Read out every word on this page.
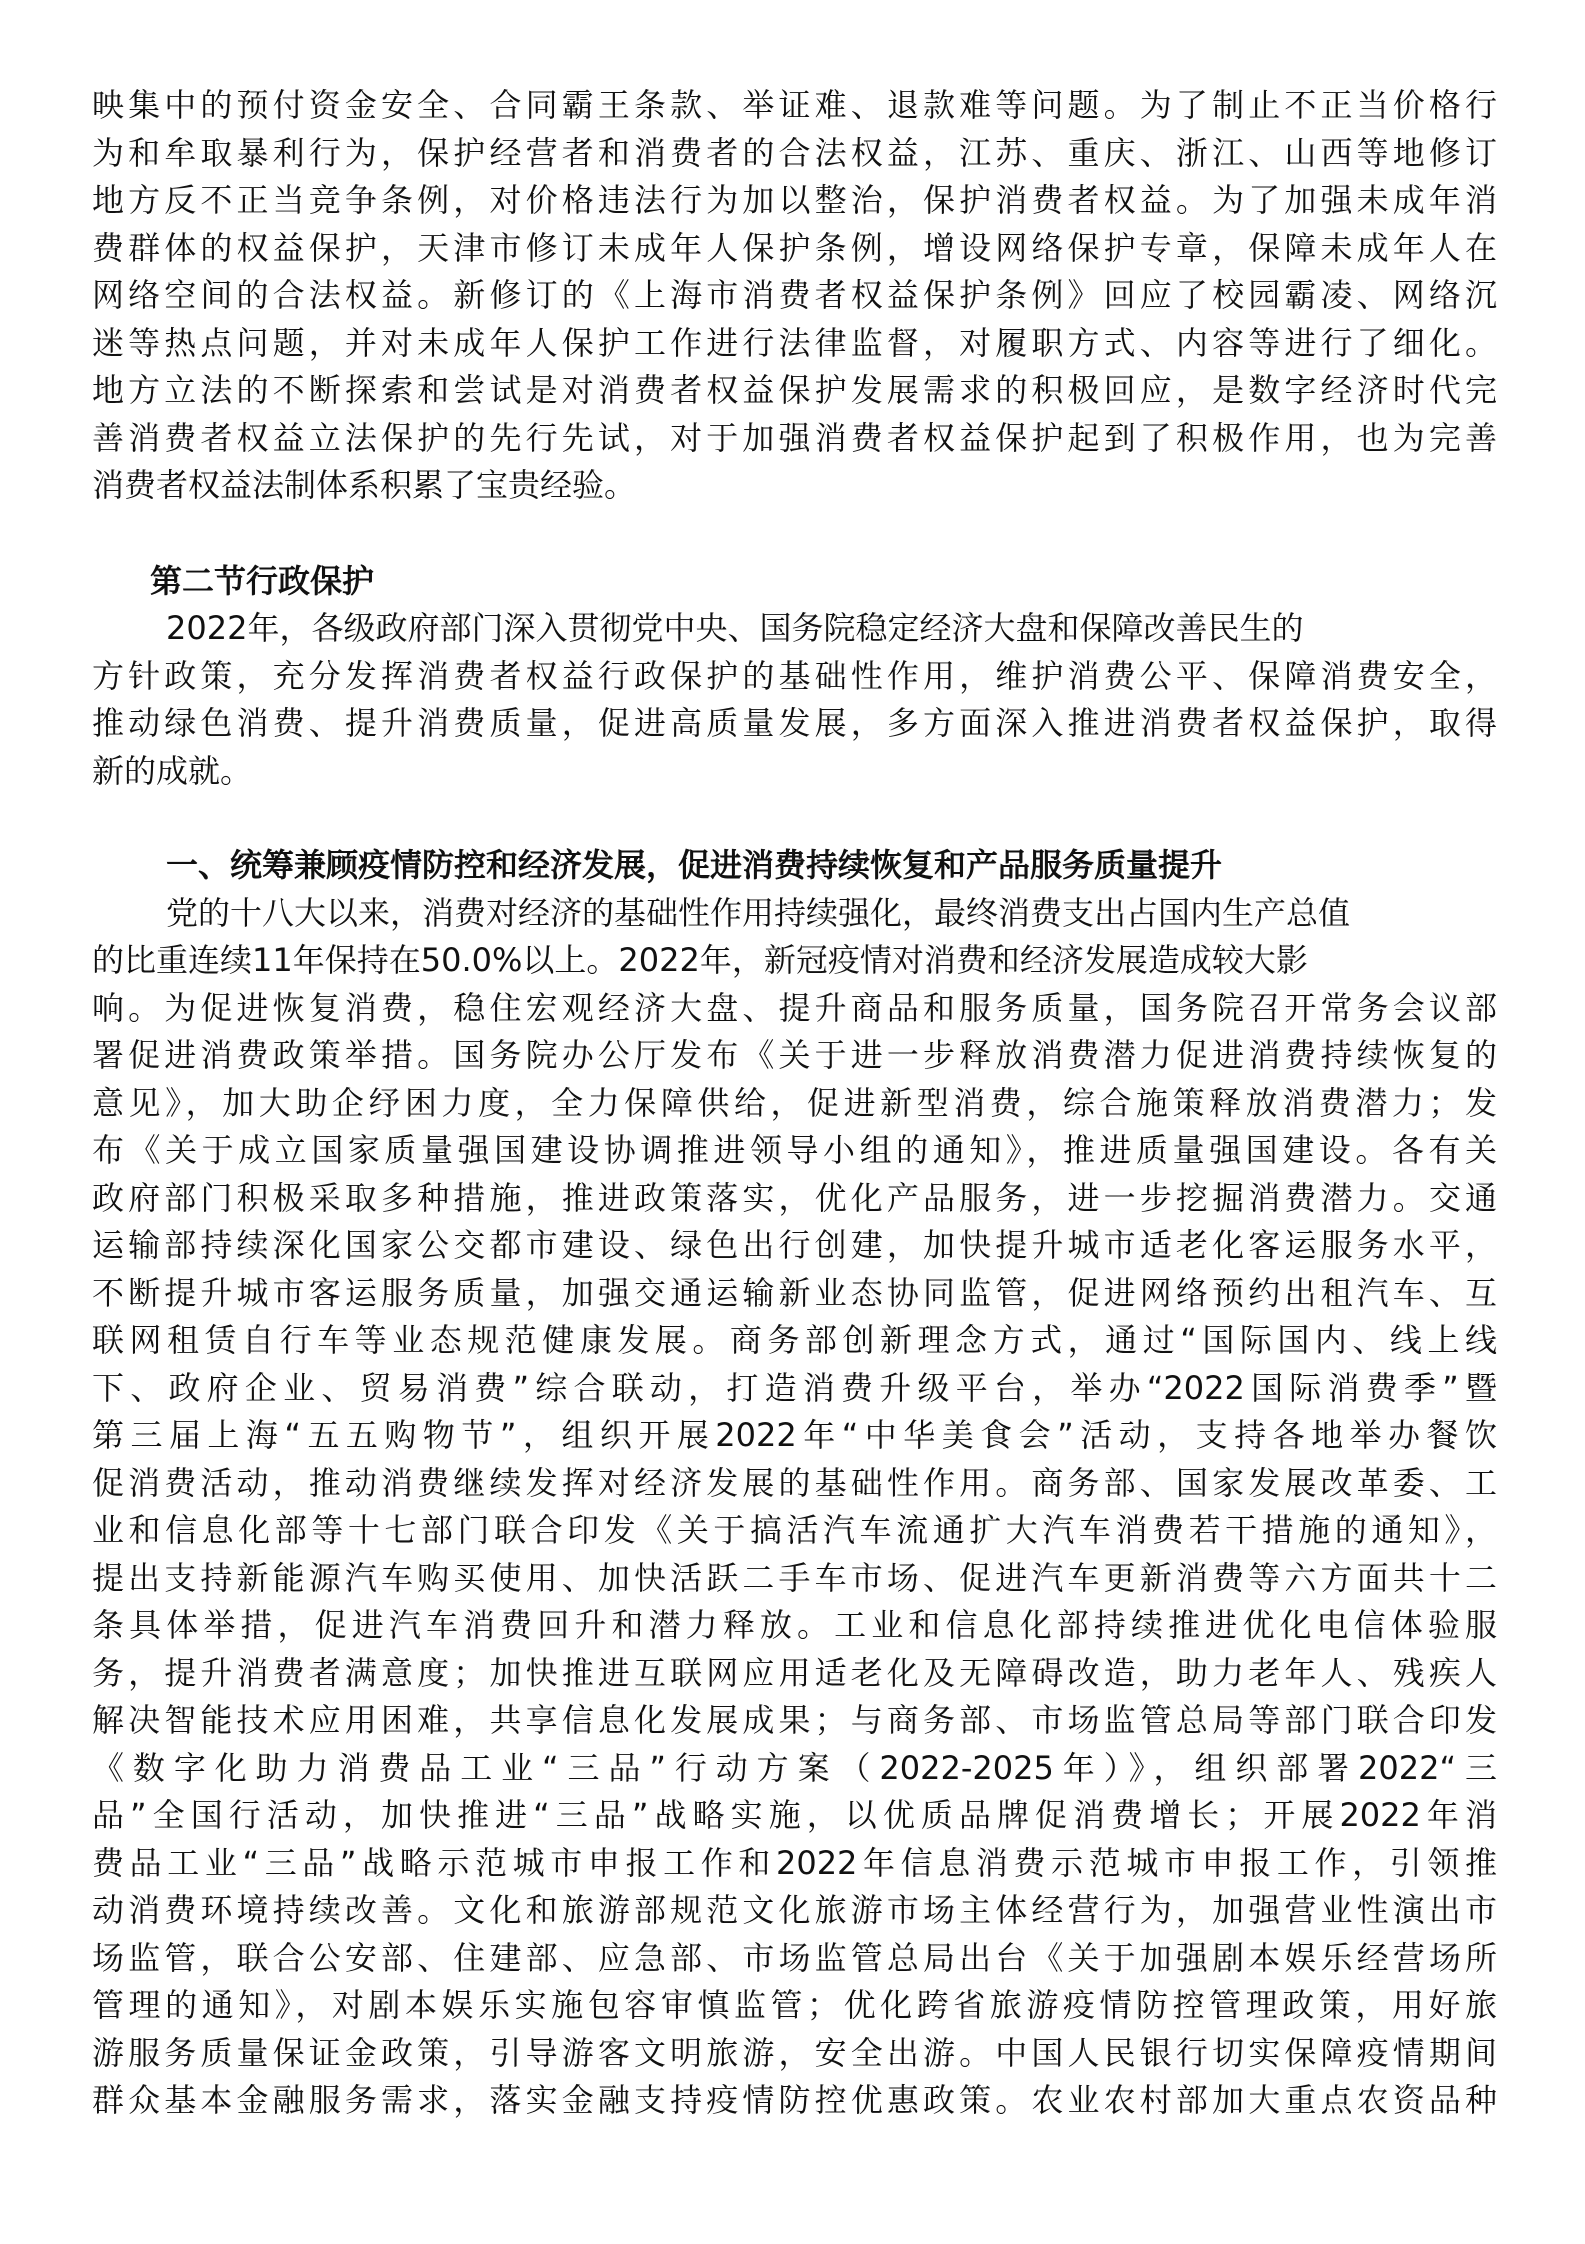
映集中的预付资金安全、合同霸王条款、举证难、退款难等问题。为了制止不正当价格行
为和牟取暴利行为，保护经营者和消费者的合法权益，江苏、重庆、浙江、山西等地修订
地方反不正当竞争条例，对价格违法行为加以整治，保护消费者权益。为了加强未成年消
费群体的权益保护，天津市修订未成年人保护条例，增设网络保护专章，保障未成年人在
网络空间的合法权益。新修订的《上海市消费者权益保护条例》回应了校园霸凌、网络沉
迷等热点问题，并对未成年人保护工作进行法律监督，对履职方式、内容等进行了细化。
地方立法的不断探索和尝试是对消费者权益保护发展需求的积极回应，是数字经济时代完
善消费者权益立法保护的先行先试，对于加强消费者权益保护起到了积极作用，也为完善
消费者权益法制体系积累了宝贵经验。
第二节行政保护
2022年，各级政府部门深入贯彻党中央、国务院稳定经济大盘和保障改善民生的
方针政策，充分发挥消费者权益行政保护的基础性作用，维护消费公平、保障消费安全，
推动绿色消费、提升消费质量，促进高质量发展，多方面深入推进消费者权益保护，取得
新的成就。
一、统筹兼顾疫情防控和经济发展，促进消费持续恢复和产品服务质量提升
党的十八大以来，消费对经济的基础性作用持续强化，最终消费支出占国内生产总值
的比重连续11年保持在50.0%以上。2022年，新冠疫情对消费和经济发展造成较大影
响。为促进恢复消费，稳住宏观经济大盘、提升商品和服务质量，国务院召开常务会议部
署促进消费政策举措。国务院办公厅发布《关于进一步释放消费潜力促进消费持续恢复的
意见》，加大助企纾困力度，全力保障供给，促进新型消费，综合施策释放消费潜力；发
布《关于成立国家质量强国建设协调推进领导小组的通知》，推进质量强国建设。各有关
政府部门积极采取多种措施，推进政策落实，优化产品服务，进一步挖掘消费潜力。交通
运输部持续深化国家公交都市建设、绿色出行创建，加快提升城市适老化客运服务水平，
不断提升城市客运服务质量，加强交通运输新业态协同监管，促进网络预约出租汽车、互
联网租赁自行车等业态规范健康发展。商务部创新理念方式，通过“国际国内、线上线
下、政府企业、贸易消费”综合联动，打造消费升级平台，举办“2022国际消费季”暨
第三届上海“五五购物节”，组织开展2022年“中华美食会”活动，支持各地举办餐饮
促消费活动，推动消费继续发挥对经济发展的基础性作用。商务部、国家发展改革委、工
业和信息化部等十七部门联合印发《关于搞活汽车流通扩大汽车消费若干措施的通知》，
提出支持新能源汽车购买使用、加快活跃二手车市场、促进汽车更新消费等六方面共十二
条具体举措，促进汽车消费回升和潜力释放。工业和信息化部持续推进优化电信体验服
务，提升消费者满意度；加快推进互联网应用适老化及无障碍改造，助力老年人、残疾人
解决智能技术应用困难，共享信息化发展成果；与商务部、市场监管总局等部门联合印发
《数字化助力消费品工业“三品”行动方案（2022-2025年）》，组织部署2022“三
品”全国行活动，加快推进“三品”战略实施，以优质品牌促消费增长；开展2022年消
费品工业“三品”战略示范城市申报工作和2022年信息消费示范城市申报工作，引领推
动消费环境持续改善。文化和旅游部规范文化旅游市场主体经营行为，加强营业性演出市
场监管，联合公安部、住建部、应急部、市场监管总局出台《关于加强剧本娱乐经营场所
管理的通知》，对剧本娱乐实施包容审慎监管；优化跨省旅游疫情防控管理政策，用好旅
游服务质量保证金政策，引导游客文明旅游，安全出游。中国人民银行切实保障疫情期间
群众基本金融服务需求，落实金融支持疫情防控优惠政策。农业农村部加大重点农资品种
